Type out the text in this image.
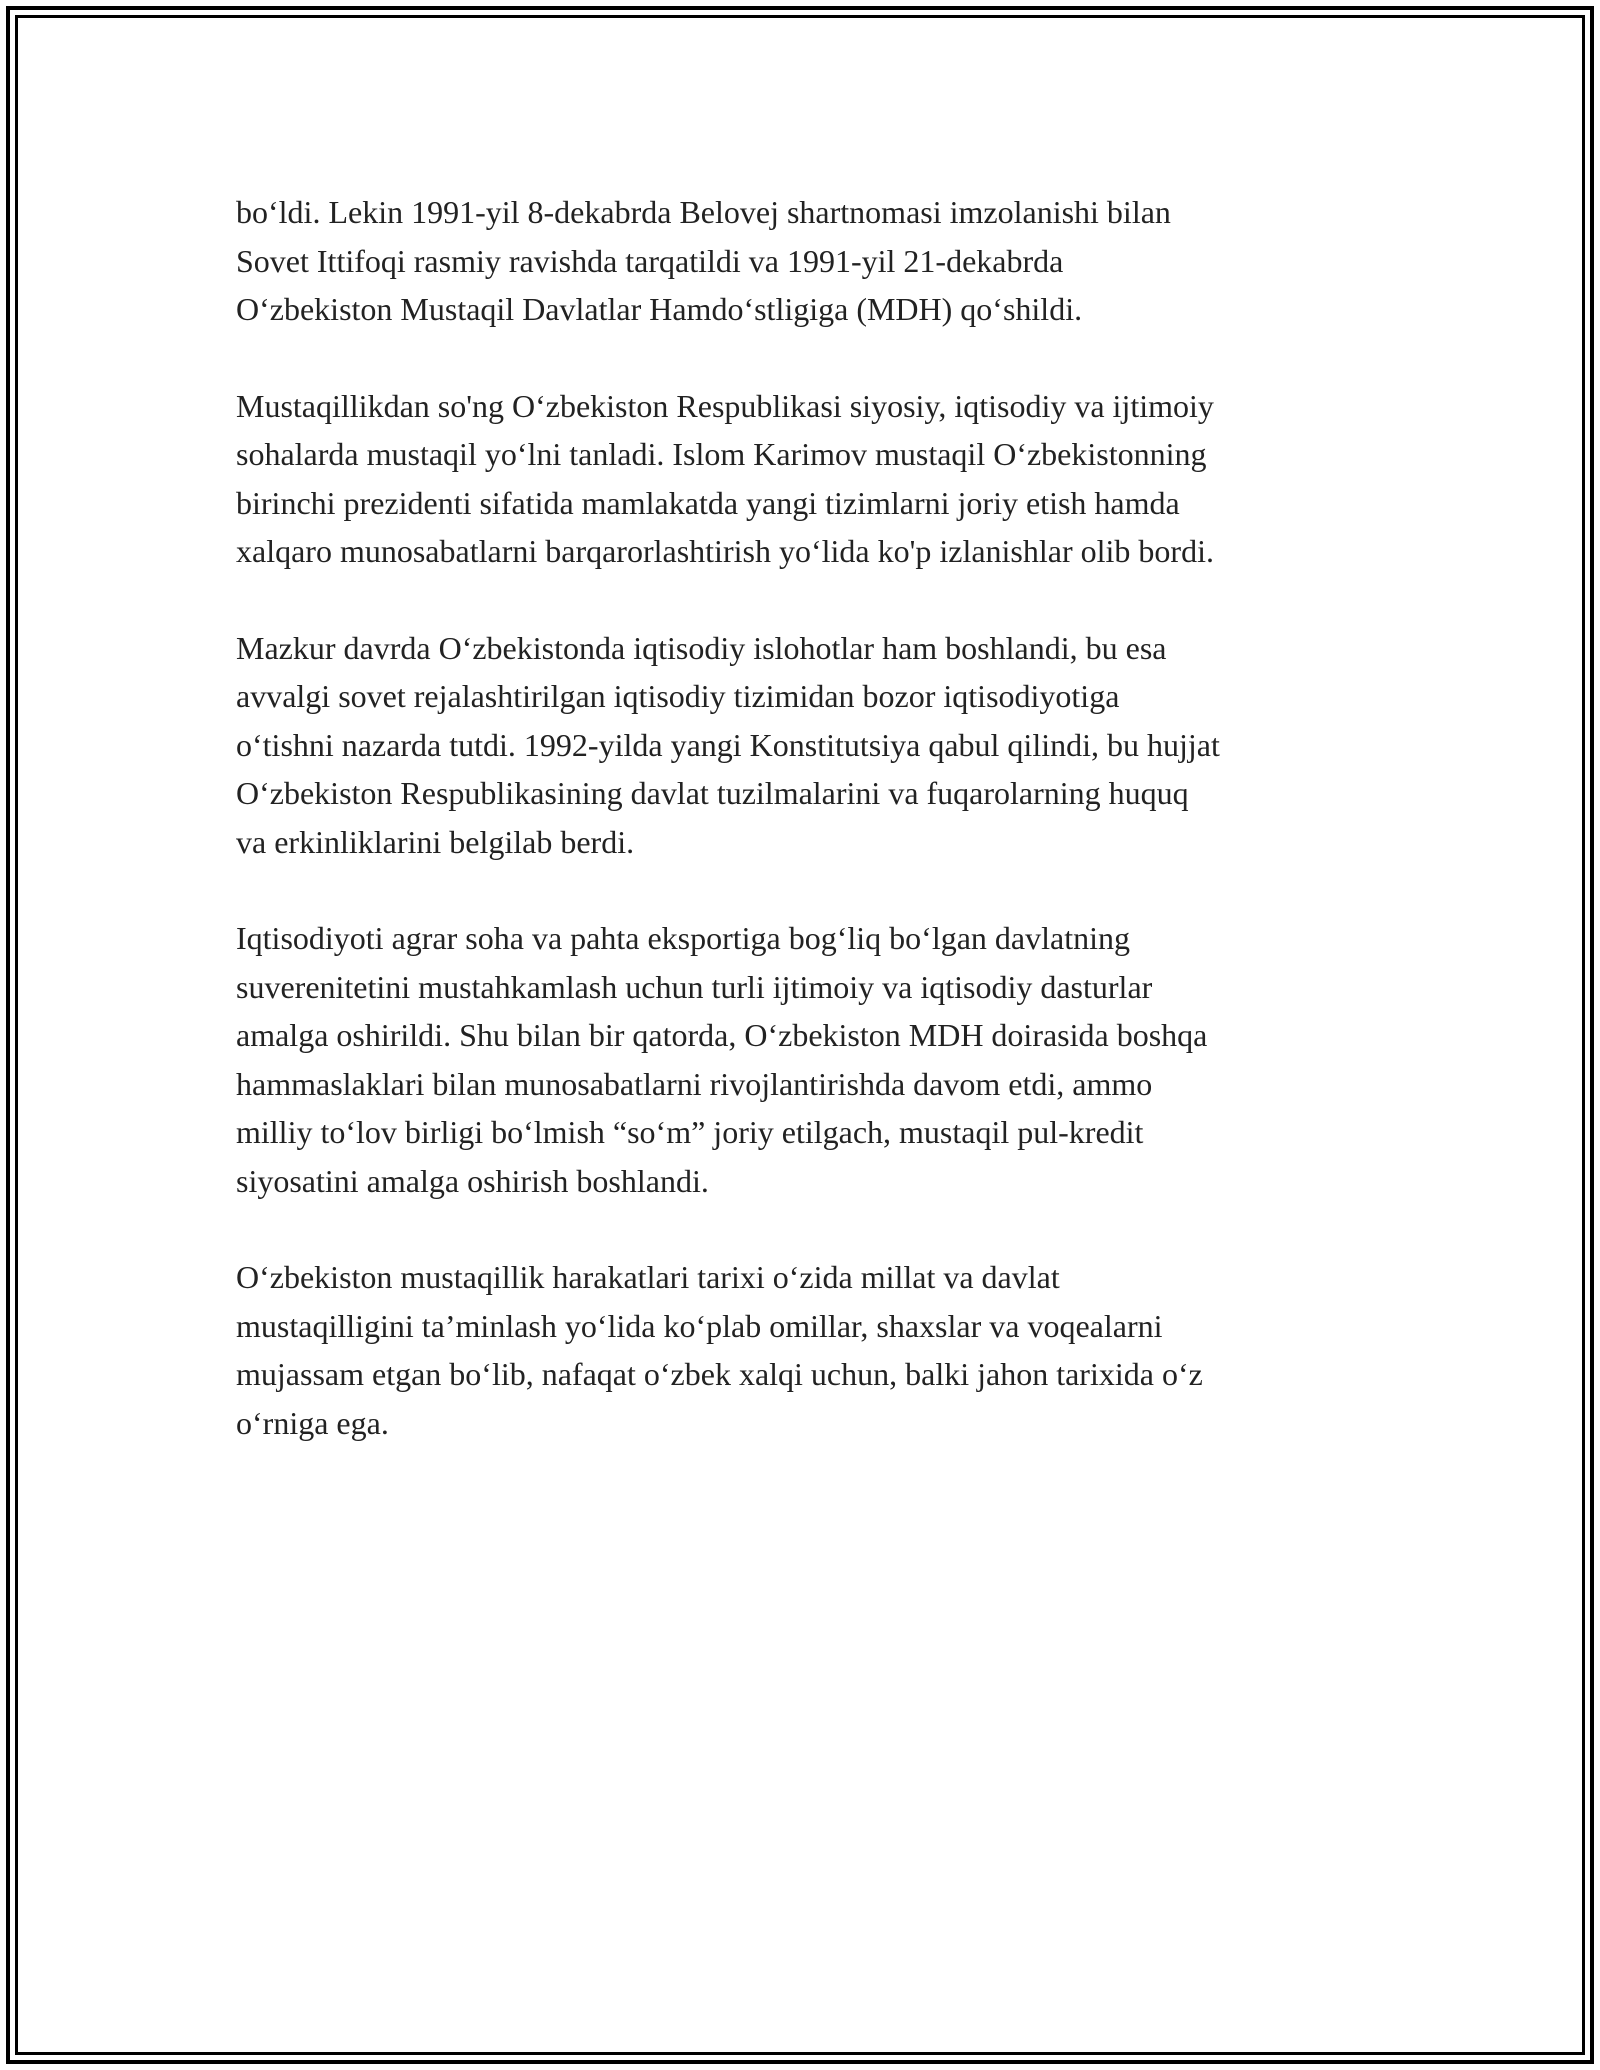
bo‘ldi. Lekin 1991-yil 8-dekabrda Belovej shartnomasi imzolanishi bilan
Sovet Ittifoqi rasmiy ravishda tarqatildi va 1991-yil 21-dekabrda
O‘zbekiston Mustaqil Davlatlar Hamdo‘stligiga (MDH) qo‘shildi.

Mustaqillikdan so'ng O‘zbekiston Respublikasi siyosiy, iqtisodiy va ijtimoiy
sohalarda mustaqil yo‘lni tanladi. Islom Karimov mustaqil O‘zbekistonning
birinchi prezidenti sifatida mamlakatda yangi tizimlarni joriy etish hamda
xalqaro munosabatlarni barqarorlashtirish yo‘lida ko'p izlanishlar olib bordi.

Mazkur davrda O‘zbekistonda iqtisodiy islohotlar ham boshlandi, bu esa
avvalgi sovet rejalashtirilgan iqtisodiy tizimidan bozor iqtisodiyotiga
o‘tishni nazarda tutdi. 1992-yilda yangi Konstitutsiya qabul qilindi, bu hujjat
O‘zbekiston Respublikasining davlat tuzilmalarini va fuqarolarning huquq
va erkinliklarini belgilab berdi.

Iqtisodiyoti agrar soha va pahta eksportiga bog‘liq bo‘lgan davlatning
suverenitetini mustahkamlash uchun turli ijtimoiy va iqtisodiy dasturlar
amalga oshirildi. Shu bilan bir qatorda, O‘zbekiston MDH doirasida boshqa
hammaslaklari bilan munosabatlarni rivojlantirishda davom etdi, ammo
milliy to‘lov birligi bo‘lmish “so‘m” joriy etilgach, mustaqil pul-kredit
siyosatini amalga oshirish boshlandi.

O‘zbekiston mustaqillik harakatlari tarixi o‘zida millat va davlat
mustaqilligini ta’minlash yo‘lida ko‘plab omillar, shaxslar va voqealarni
mujassam etgan bo‘lib, nafaqat o‘zbek xalqi uchun, balki jahon tarixida o‘z
o‘rniga ega.
